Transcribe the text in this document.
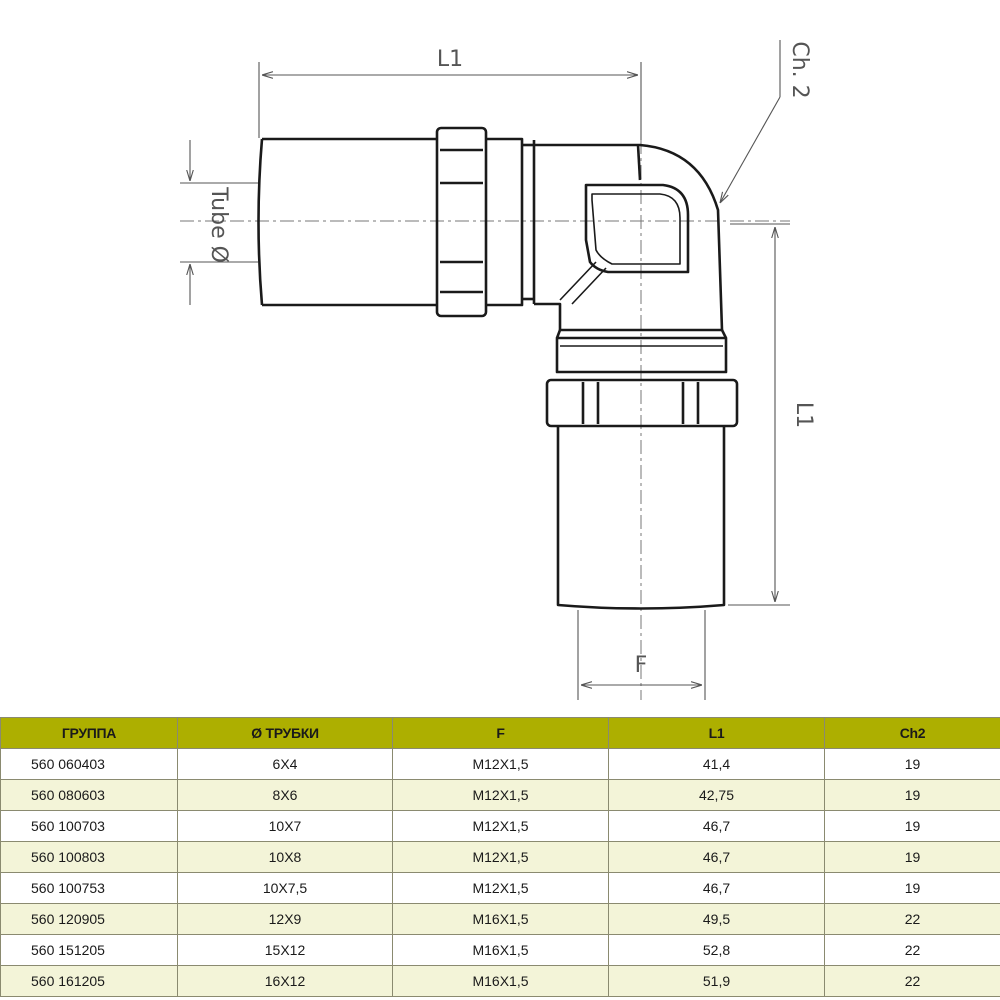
L1
L1
Ch. 2
Tube Ø
F
ГРУППА	Ø ТРУБКИ	F	L1	Ch2
560 060403	6X4	M12X1,5	41,4	19
560 080603	8X6	M12X1,5	42,75	19
560 100703	10X7	M12X1,5	46,7	19
560 100803	10X8	M12X1,5	46,7	19
560 100753	10X7,5	M12X1,5	46,7	19
560 120905	12X9	M16X1,5	49,5	22
560 151205	15X12	M16X1,5	52,8	22
560 161205	16X12	M16X1,5	51,9	22
